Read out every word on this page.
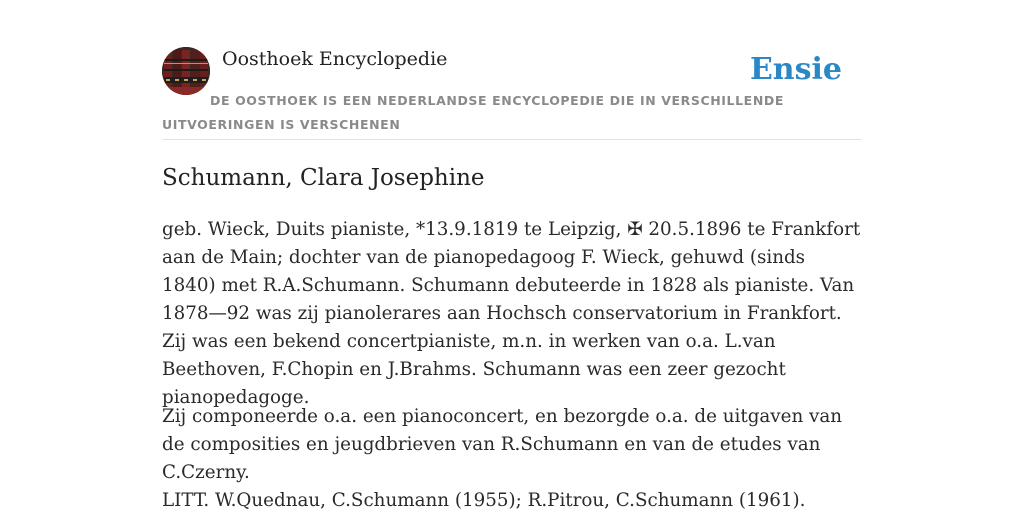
Oosthoek Encyclopedie	Ensie
DE OOSTHOEK IS EEN NEDERLANDSE ENCYCLOPEDIE DIE IN VERSCHILLENDE UITVOERINGEN IS VERSCHENEN
Schumann, Clara Josephine

geb. Wieck, Duits pianiste, *13.9.1819 te Leipzig, ✠ 20.5.1896 te Frankfort aan de Main; dochter van de pianopedagoog F. Wieck, gehuwd (sinds 1840) met R.A.Schumann. Schumann debuteerde in 1828 als pianiste. Van 1878—92 was zij pianolerares aan Hochsch conservatorium in Frankfort. Zij was een bekend concertpianiste, m.n. in werken van o.a. L.van Beethoven, F.Chopin en J.Brahms. Schumann was een zeer gezocht pianopedagoge.

Zij componeerde o.a. een pianoconcert, en bezorgde o.a. de uitgaven van de composities en jeugdbrieven van R.Schumann en van de etudes van C.Czerny.

LITT. W.Quednau, C.Schumann (1955); R.Pitrou, C.Schumann (1961).
